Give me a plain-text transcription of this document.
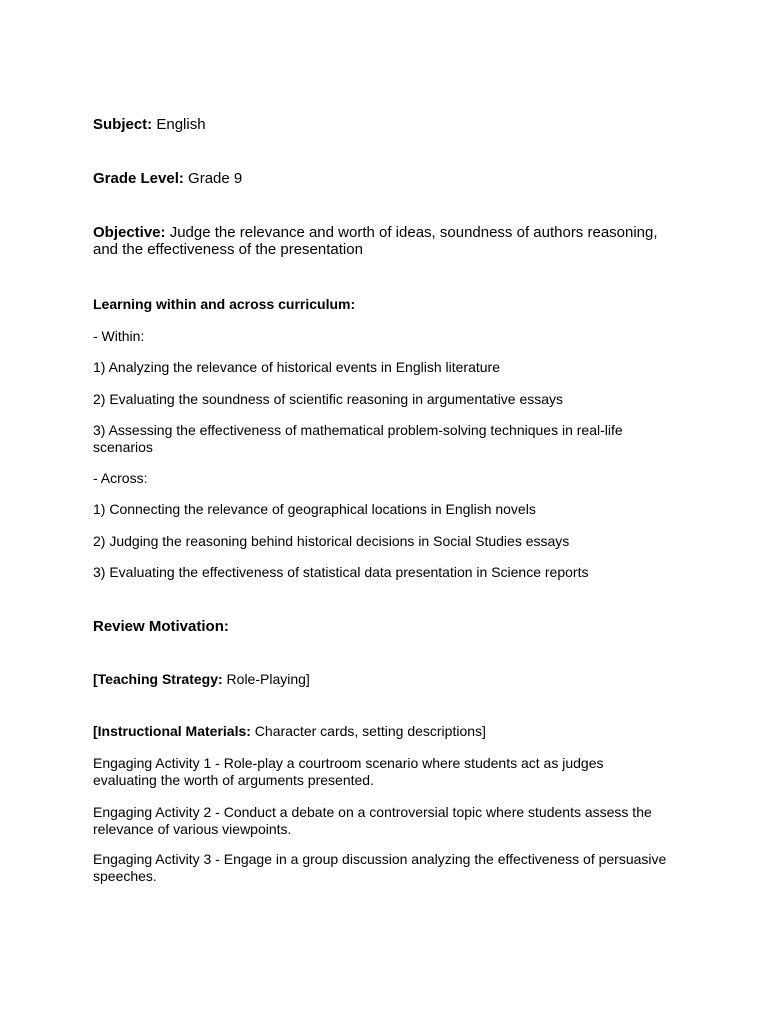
Subject: English

Grade Level: Grade 9

Objective: Judge the relevance and worth of ideas, soundness of authors reasoning, and the effectiveness of the presentation

Learning within and across curriculum:

- Within:

1) Analyzing the relevance of historical events in English literature

2) Evaluating the soundness of scientific reasoning in argumentative essays

3) Assessing the effectiveness of mathematical problem-solving techniques in real-life scenarios

- Across:

1) Connecting the relevance of geographical locations in English novels

2) Judging the reasoning behind historical decisions in Social Studies essays

3) Evaluating the effectiveness of statistical data presentation in Science reports

Review Motivation:

[Teaching Strategy: Role-Playing]

[Instructional Materials: Character cards, setting descriptions]

Engaging Activity 1 - Role-play a courtroom scenario where students act as judges evaluating the worth of arguments presented.

Engaging Activity 2 - Conduct a debate on a controversial topic where students assess the relevance of various viewpoints.

Engaging Activity 3 - Engage in a group discussion analyzing the effectiveness of persuasive speeches.
